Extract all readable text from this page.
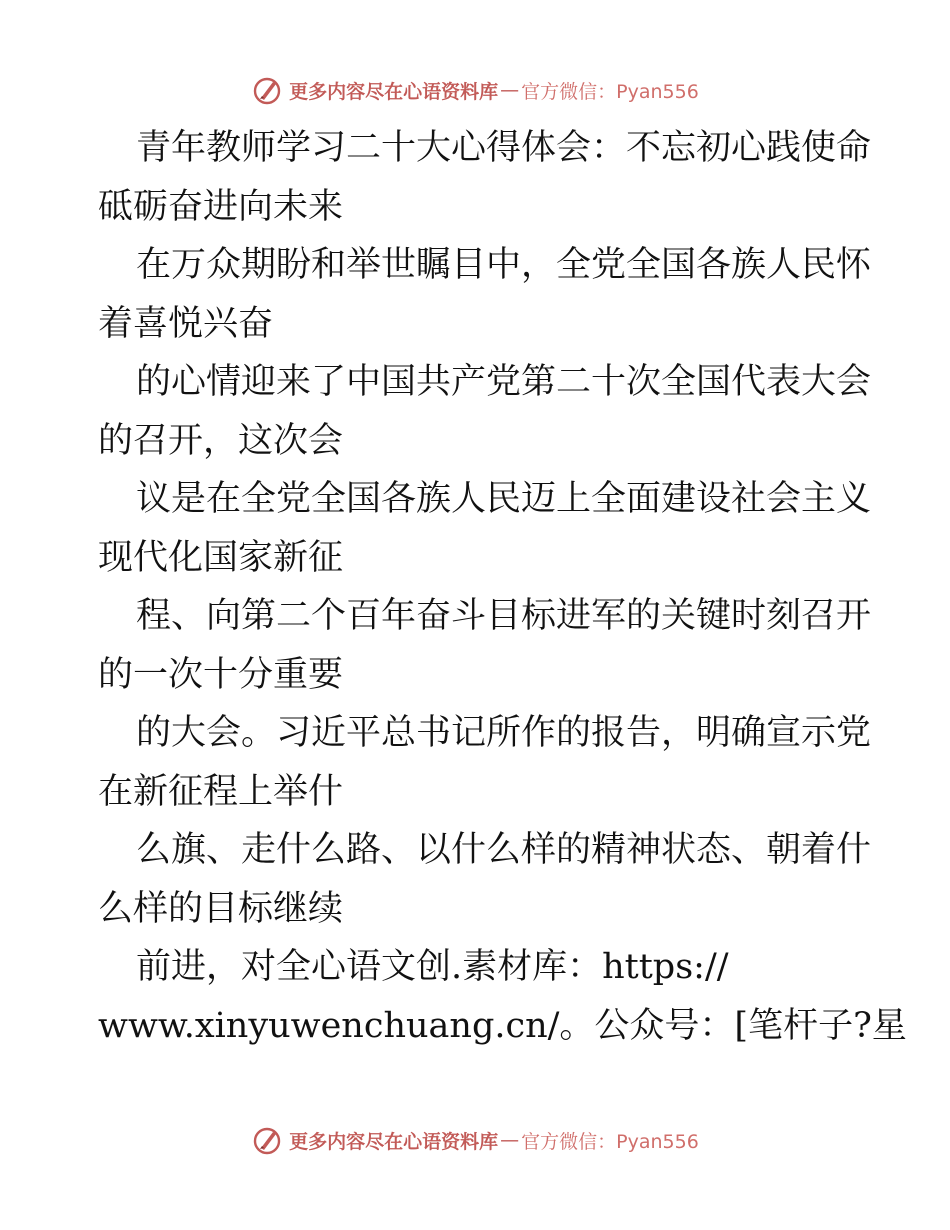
更多内容尽在心语资料库 — 官方微信：Pyan556
青年教师学习二十大心得体会：不忘初心践使命
砥砺奋进向未来
在万众期盼和举世瞩目中，全党全国各族人民怀
着喜悦兴奋
的心情迎来了中国共产党第二十次全国代表大会
的召开，这次会
议是在全党全国各族人民迈上全面建设社会主义
现代化国家新征
程、向第二个百年奋斗目标进军的关键时刻召开
的一次十分重要
的大会。习近平总书记所作的报告，明确宣示党
在新征程上举什
么旗、走什么路、以什么样的精神状态、朝着什
么样的目标继续
前进，对全心语文创.素材库：https://
www.xinyuwenchuang.cn/。公众号：[笔杆子?星
更多内容尽在心语资料库 — 官方微信：Pyan556
